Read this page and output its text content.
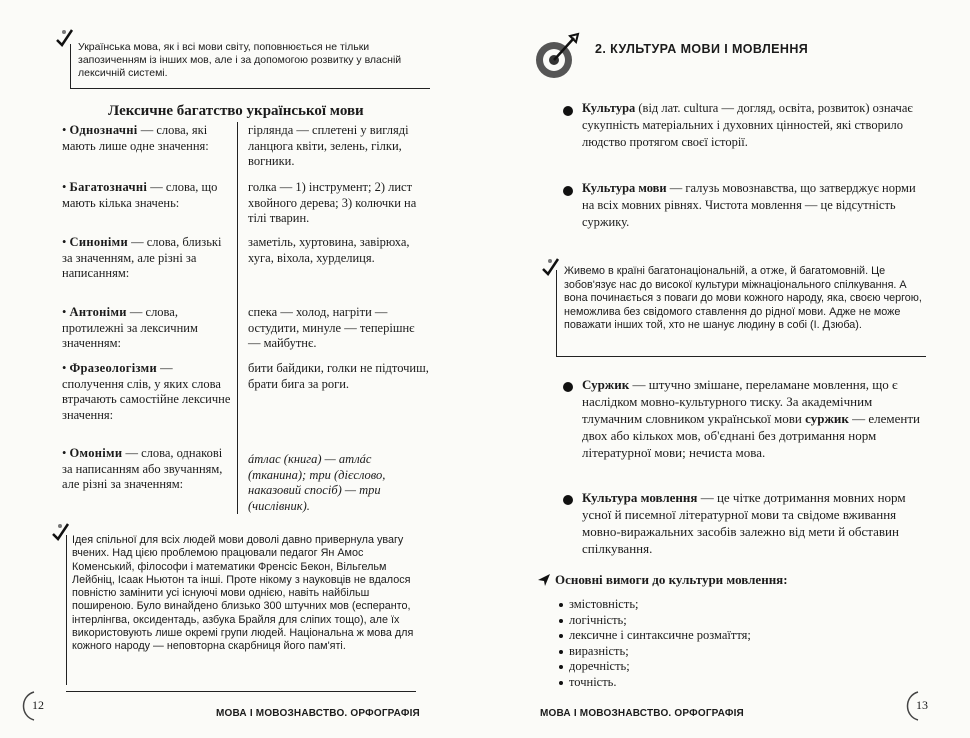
Українська мова, як і всі мови світу, поповнюється не тільки запозиченням із інших мов, але і за допомогою розвитку у власній лексичній системі.

Лексичне багатство української мови
• Однозначні — слова, які мають лише одне значення:
гірлянда — сплетені у вигляді ланцюга квіти, зелень, гілки, вогники.
• Багатозначні — слова, що мають кілька значень:
голка — 1) інструмент; 2) лист хвойного дерева; 3) колючки на тілі тварин.
• Синоніми — слова, близькі за значенням, але різні за написанням:
заметіль, хуртовина, завірюха, хуга, віхола, хурделиця.
• Антоніми — слова, протилежні за лексичним значенням:
спека — холод, нагріти — остудити, минуле — теперішнє — майбутнє.
• Фразеологізми — сполучення слів, у яких слова втрачають самостійне лексичне значення:
бити байдики, голки не підточиш, брати бига за роги.
• Омоніми — слова, однакові за написанням або звучанням, але різні за значенням:
áтлас (книга) — атлáс (тканина); три (дієслово, наказовий спосіб) — три (числівник).

Ідея спільної для всіх людей мови доволі давно привернула увагу вчених. Над цією проблемою працювали педагог Ян Амос Коменський, філософи і математики Френсіс Бекон, Вільгельм Лейбніц, Ісаак Ньютон та інші. Проте нікому з науковців не вдалося повністю замінити усі існуючі мови однією, навіть найбільш поширеною. Було винайдено близько 300 штучних мов (есперанто, інтерлінгва, оксидентадь, азбука Брайля для сліпих тощо), але їх використовують лише окремі групи людей. Національна ж мова для кожного народу — неповторна скарбниця його пам'яті.

12
МОВА І МОВОЗНАВСТВО. ОРФОГРАФІЯ
2. КУЛЬТУРА МОВИ І МОВЛЕННЯ

Культура (від лат. cultura — догляд, освіта, розвиток) означає сукупність матеріальних і духовних цінностей, які створило людство протягом своєї історії.

Культура мови — галузь мовознавства, що затверджує норми на всіх мовних рівнях. Чистота мовлення — це відсутність суржику.

Живемо в країні багатонаціональній, а отже, й багатомовній. Це зобов'язує нас до високої культури міжнаціонального спілкування. А вона починається з поваги до мови кожного народу, яка, своєю чергою, неможлива без свідомого ставлення до рідної мови. Адже не може поважати інших той, хто не шанує людину в собі (І. Дзюба).

Суржик — штучно змішане, переламане мовлення, що є наслідком мовно-культурного тиску. За академічним тлумачним словником української мови суржик — елементи двох або кількох мов, об'єднані без дотримання норм літературної мови; нечиста мова.

Культура мовлення — це чітке дотримання мовних норм усної й писемної літературної мови та свідоме вживання мовно-виражальних засобів залежно від мети й обставин спілкування.

Основні вимоги до культури мовлення:
змістовність;
логічність;
лексичне і синтаксичне розмаїття;
виразність;
доречність;
точність.
МОВА І МОВОЗНАВСТВО. ОРФОГРАФІЯ
13
